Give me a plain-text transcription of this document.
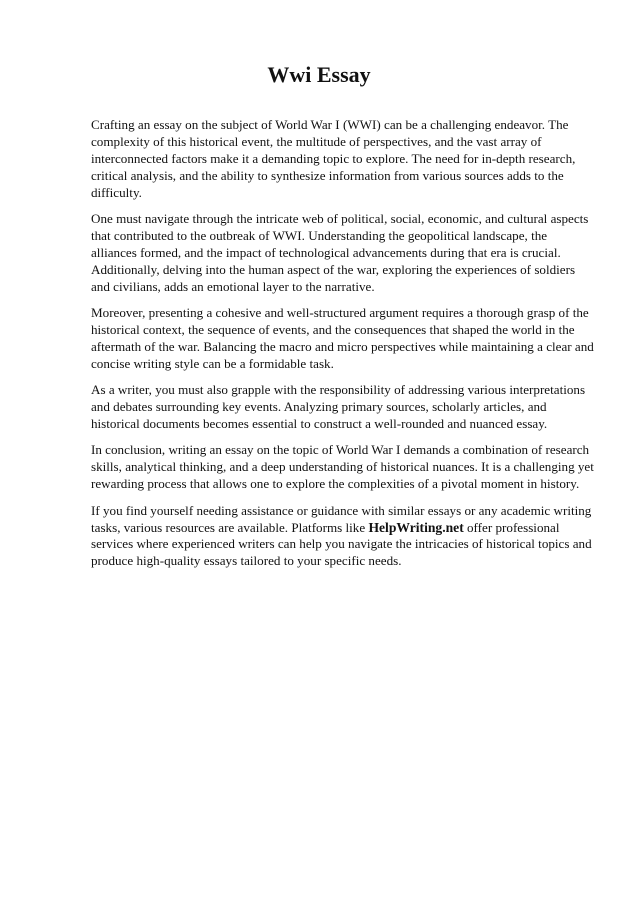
Wwi Essay

Crafting an essay on the subject of World War I (WWI) can be a challenging endeavor. The complexity of this historical event, the multitude of perspectives, and the vast array of interconnected factors make it a demanding topic to explore. The need for in-depth research, critical analysis, and the ability to synthesize information from various sources adds to the difficulty.

One must navigate through the intricate web of political, social, economic, and cultural aspects that contributed to the outbreak of WWI. Understanding the geopolitical landscape, the alliances formed, and the impact of technological advancements during that era is crucial. Additionally, delving into the human aspect of the war, exploring the experiences of soldiers and civilians, adds an emotional layer to the narrative.

Moreover, presenting a cohesive and well-structured argument requires a thorough grasp of the historical context, the sequence of events, and the consequences that shaped the world in the aftermath of the war. Balancing the macro and micro perspectives while maintaining a clear and concise writing style can be a formidable task.

As a writer, you must also grapple with the responsibility of addressing various interpretations and debates surrounding key events. Analyzing primary sources, scholarly articles, and historical documents becomes essential to construct a well-rounded and nuanced essay.

In conclusion, writing an essay on the topic of World War I demands a combination of research skills, analytical thinking, and a deep understanding of historical nuances. It is a challenging yet rewarding process that allows one to explore the complexities of a pivotal moment in history.

If you find yourself needing assistance or guidance with similar essays or any academic writing tasks, various resources are available. Platforms like HelpWriting.net offer professional services where experienced writers can help you navigate the intricacies of historical topics and produce high-quality essays tailored to your specific needs.
